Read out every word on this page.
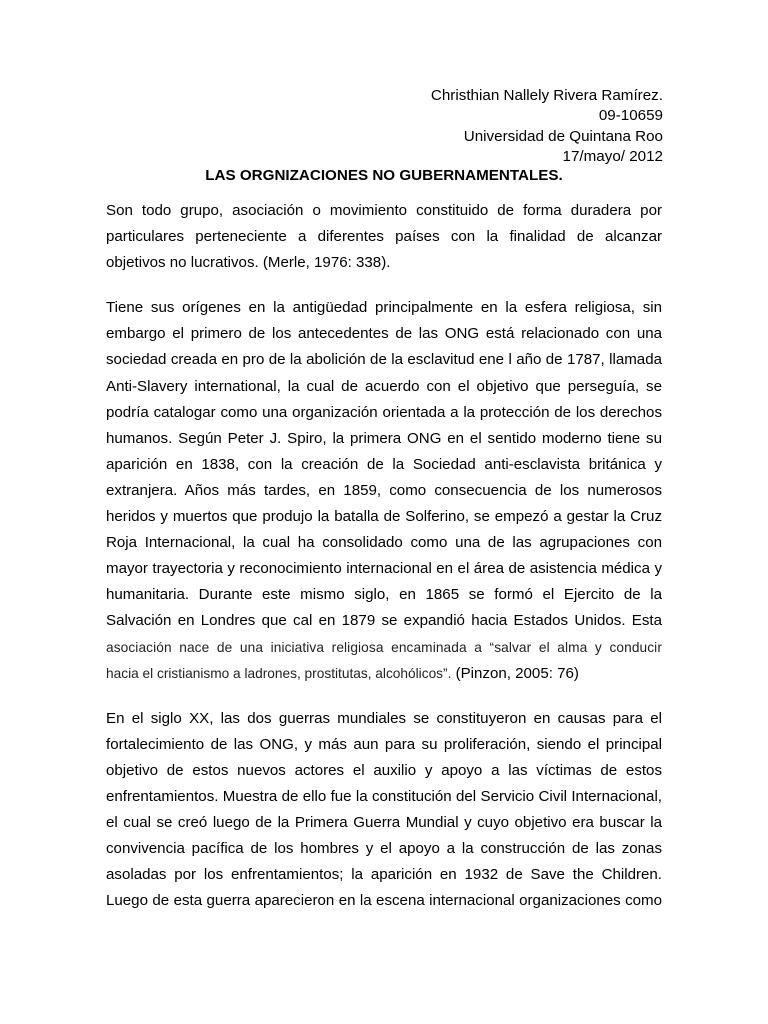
Christhian Nallely Rivera Ramírez.
09-10659
Universidad de Quintana Roo
17/mayo/ 2012
LAS ORGNIZACIONES NO GUBERNAMENTALES.
Son todo grupo, asociación o movimiento constituido de forma duradera por
particulares perteneciente a diferentes países con la finalidad de alcanzar
objetivos no lucrativos. (Merle, 1976: 338).
Tiene sus orígenes en la antigüedad principalmente en la esfera religiosa, sin
embargo el primero de los antecedentes de las ONG está relacionado con una
sociedad creada en pro de la abolición de la esclavitud ene l año de 1787, llamada
Anti-Slavery international, la cual de acuerdo con el objetivo que perseguía, se
podría catalogar como una organización orientada a la protección de los derechos
humanos. Según Peter J. Spiro, la primera ONG en el sentido moderno tiene su
aparición en 1838, con la creación de la Sociedad anti-esclavista británica y
extranjera. Años más tardes, en 1859, como consecuencia de los numerosos
heridos y muertos que produjo la batalla de Solferino, se empezó a gestar la Cruz
Roja Internacional, la cual ha consolidado como una de las agrupaciones con
mayor trayectoria y reconocimiento internacional en el área de asistencia médica y
humanitaria. Durante este mismo siglo, en 1865 se formó el Ejercito de la
Salvación en Londres que cal en 1879 se expandió hacia Estados Unidos. Esta
asociación nace de una iniciativa religiosa encaminada a “salvar el alma y conducir
hacia el cristianismo a ladrones, prostitutas, alcohólicos”. (Pinzon, 2005: 76)
En el siglo XX, las dos guerras mundiales se constituyeron en causas para el
fortalecimiento de las ONG, y más aun para su proliferación, siendo el principal
objetivo de estos nuevos actores el auxilio y apoyo a las víctimas de estos
enfrentamientos. Muestra de ello fue la constitución del Servicio Civil Internacional,
el cual se creó luego de la Primera Guerra Mundial y cuyo objetivo era buscar la
convivencia pacífica de los hombres y el apoyo a la construcción de las zonas
asoladas por los enfrentamientos; la aparición en 1932 de Save the Children.
Luego de esta guerra aparecieron en la escena internacional organizaciones como
